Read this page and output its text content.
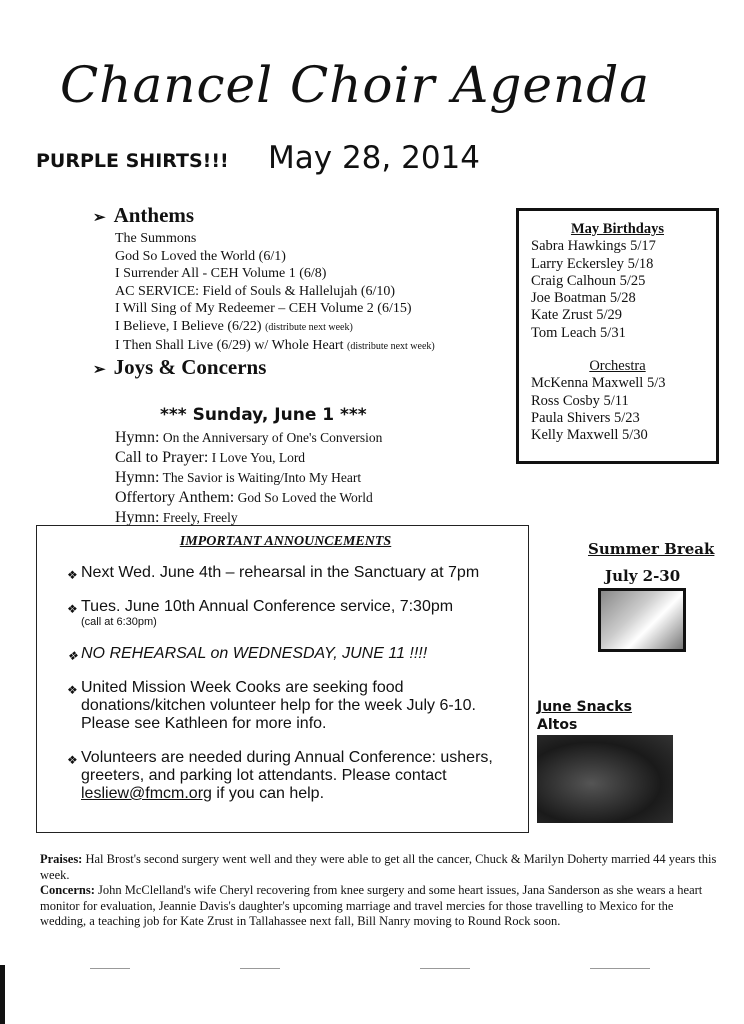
Chancel Choir Agenda
PURPLE SHIRTS!!! May 28, 2014
➢ Anthems
The Summons
God So Loved the World (6/1)
I Surrender All - CEH Volume 1 (6/8)
AC SERVICE: Field of Souls & Hallelujah (6/10)
I Will Sing of My Redeemer – CEH Volume 2 (6/15)
I Believe, I Believe (6/22) (distribute next week)
I Then Shall Live (6/29) w/ Whole Heart (distribute next week)
➢ Joys & Concerns
*** Sunday, June 1 ***
Hymn: On the Anniversary of One's Conversion
Call to Prayer: I Love You, Lord
Hymn: The Savior is Waiting/Into My Heart
Offertory Anthem: God So Loved the World
Hymn: Freely, Freely
May Birthdays
Sabra Hawkings 5/17
Larry Eckersley 5/18
Craig Calhoun 5/25
Joe Boatman 5/28
Kate Zrust 5/29
Tom Leach 5/31
Orchestra
McKenna Maxwell 5/3
Ross Cosby 5/11
Paula Shivers 5/23
Kelly Maxwell 5/30
IMPORTANT ANNOUNCEMENTS
❖ Next Wed. June 4th – rehearsal in the Sanctuary at 7pm
❖ Tues. June 10th Annual Conference service, 7:30pm
(call at 6:30pm)
❖ NO REHEARSAL on WEDNESDAY, JUNE 11 !!!!
❖ United Mission Week Cooks are seeking food donations/kitchen volunteer help for the week July 6-10. Please see Kathleen for more info.
❖ Volunteers are needed during Annual Conference: ushers, greeters, and parking lot attendants. Please contact lesliew@fmcm.org if you can help.
Summer Break
July 2-30
June Snacks
Altos
Praises: Hal Brost's second surgery went well and they were able to get all the cancer, Chuck & Marilyn Doherty married 44 years this week.
Concerns: John McClelland's wife Cheryl recovering from knee surgery and some heart issues, Jana Sanderson as she wears a heart monitor for evaluation, Jeannie Davis's daughter's upcoming marriage and travel mercies for those travelling to Mexico for the wedding, a teaching job for Kate Zrust in Tallahassee next fall, Bill Nanry moving to Round Rock soon.
